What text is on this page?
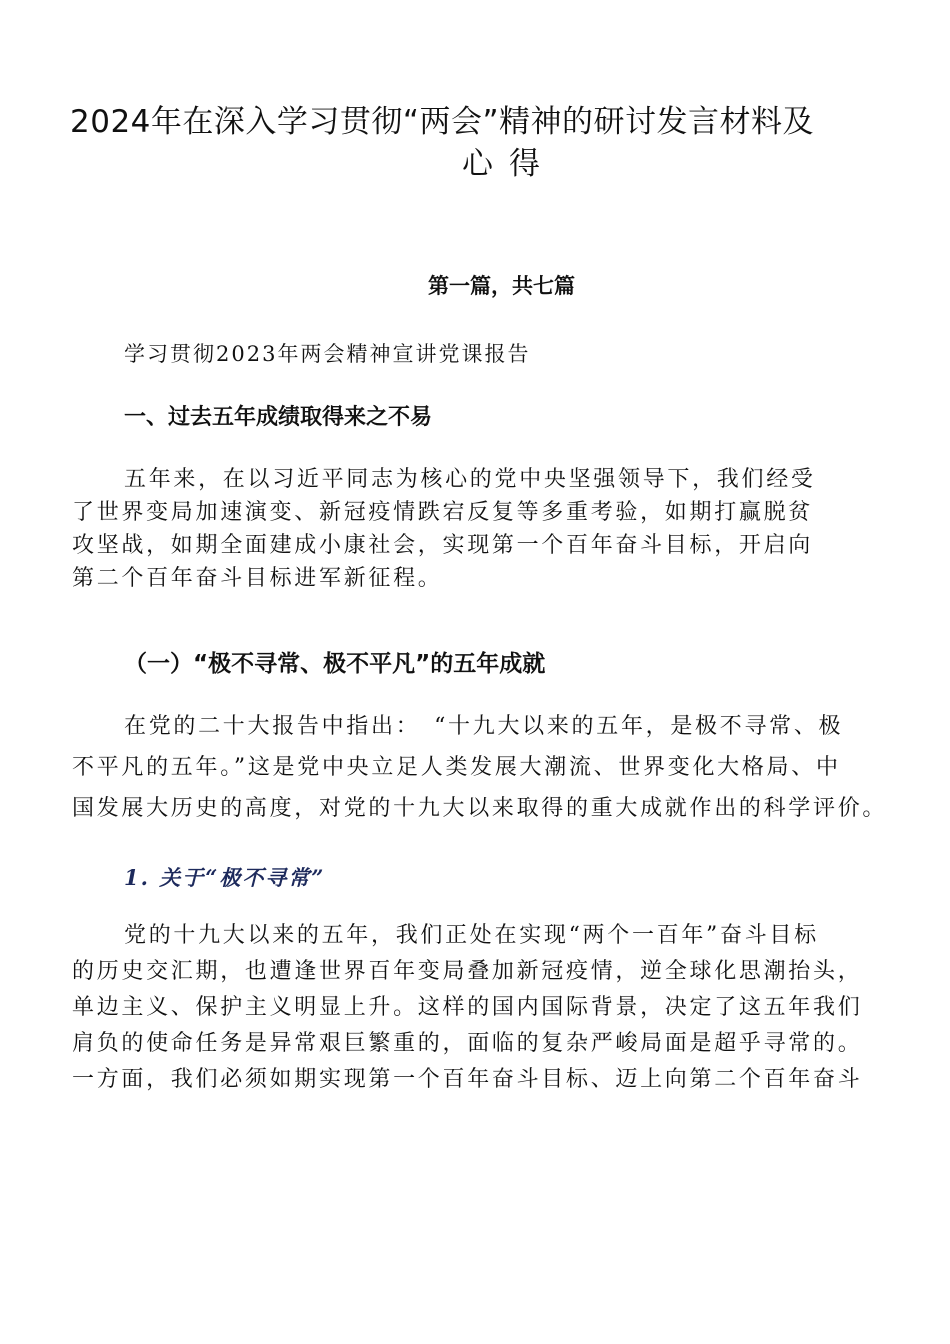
2024年在深入学习贯彻“两会”精神的研讨发言材料及
心得
第一篇，共七篇
学习贯彻2023年两会精神宣讲党课报告
一、过去五年成绩取得来之不易
五年来，在以习近平同志为核心的党中央坚强领导下，我们经受
了世界变局加速演变、新冠疫情跌宕反复等多重考验，如期打赢脱贫
攻坚战，如期全面建成小康社会，实现第一个百年奋斗目标，开启向
第二个百年奋斗目标进军新征程。
（一）“极不寻常、极不平凡”的五年成就
在党的二十大报告中指出：　“十九大以来的五年，是极不寻常、极
不平凡的五年。”这是党中央立足人类发展大潮流、世界变化大格局、中
国发展大历史的高度，对党的十九大以来取得的重大成就作出的科学评价。
1. 关于“极不寻常”
党的十九大以来的五年，我们正处在实现“两个一百年”奋斗目标
的历史交汇期，也遭逢世界百年变局叠加新冠疫情，逆全球化思潮抬头，
单边主义、保护主义明显上升。这样的国内国际背景，决定了这五年我们
肩负的使命任务是异常艰巨繁重的，面临的复杂严峻局面是超乎寻常的。
一方面，我们必须如期实现第一个百年奋斗目标、迈上向第二个百年奋斗
